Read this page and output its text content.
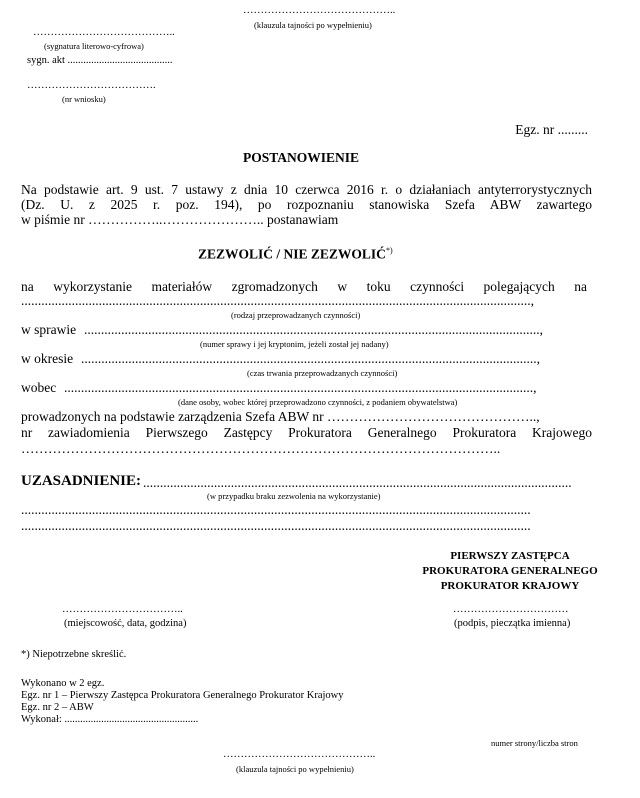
……………………………………..
(klauzula tajności po wypełnieniu)
…………………………………..
(sygnatura literowo-cyfrowa)
sygn. akt ........................................
……………………………….
(nr wniosku)
Egz. nr .........
POSTANOWIENIE
Na podstawie art. 9 ust. 7 ustawy z dnia 10 czerwca 2016 r. o działaniach antyterrorystycznych
(Dz. U. z 2025 r. poz. 194), po rozpoznaniu stanowiska Szefa ABW zawartego
w piśmie nr ……………..………………….. postanawiam
ZEZWOLIĆ / NIE ZEZWOLIĆ*)
na wykorzystanie materiałów zgromadzonych w toku czynności polegających na
.......................................................................................................................................................,
(rodzaj przeprowadzanych czynności)
w sprawie .......................................................................................................................................,
(numer sprawy i jej kryptonim, jeżeli został jej nadany)
w okresie .......................................................................................................................................,
(czas trwania przeprowadzanych czynności)
wobec ...........................................................................................................................................,
(dane osoby, wobec której przeprowadzono czynności, z podaniem obywatelstwa)
prowadzonych na podstawie zarządzenia Szefa ABW nr ………………………………………..,
nr zawiadomienia Pierwszego Zastępcy Prokuratora Generalnego Prokuratora Krajowego
……………………………………………………………………………………………..
UZASADNIENIE: ...............................................................................................................................
(w przypadku braku zezwolenia na wykorzystanie)
.......................................................................................................................................................
.......................................................................................................................................................
PIERWSZY ZASTĘPCA
PROKURATORA GENERALNEGO
PROKURATOR KRAJOWY
……………………………..
(miejscowość, data, godzina)
……………………………
(podpis, pieczątka imienna)
*) Niepotrzebne skreślić.
Wykonano w 2 egz.
Egz. nr 1 – Pierwszy Zastępca Prokuratora Generalnego Prokurator Krajowy
Egz. nr 2 – ABW
Wykonał: ...................................................
numer strony/liczba stron
……………………………………..
(klauzula tajności po wypełnieniu)
